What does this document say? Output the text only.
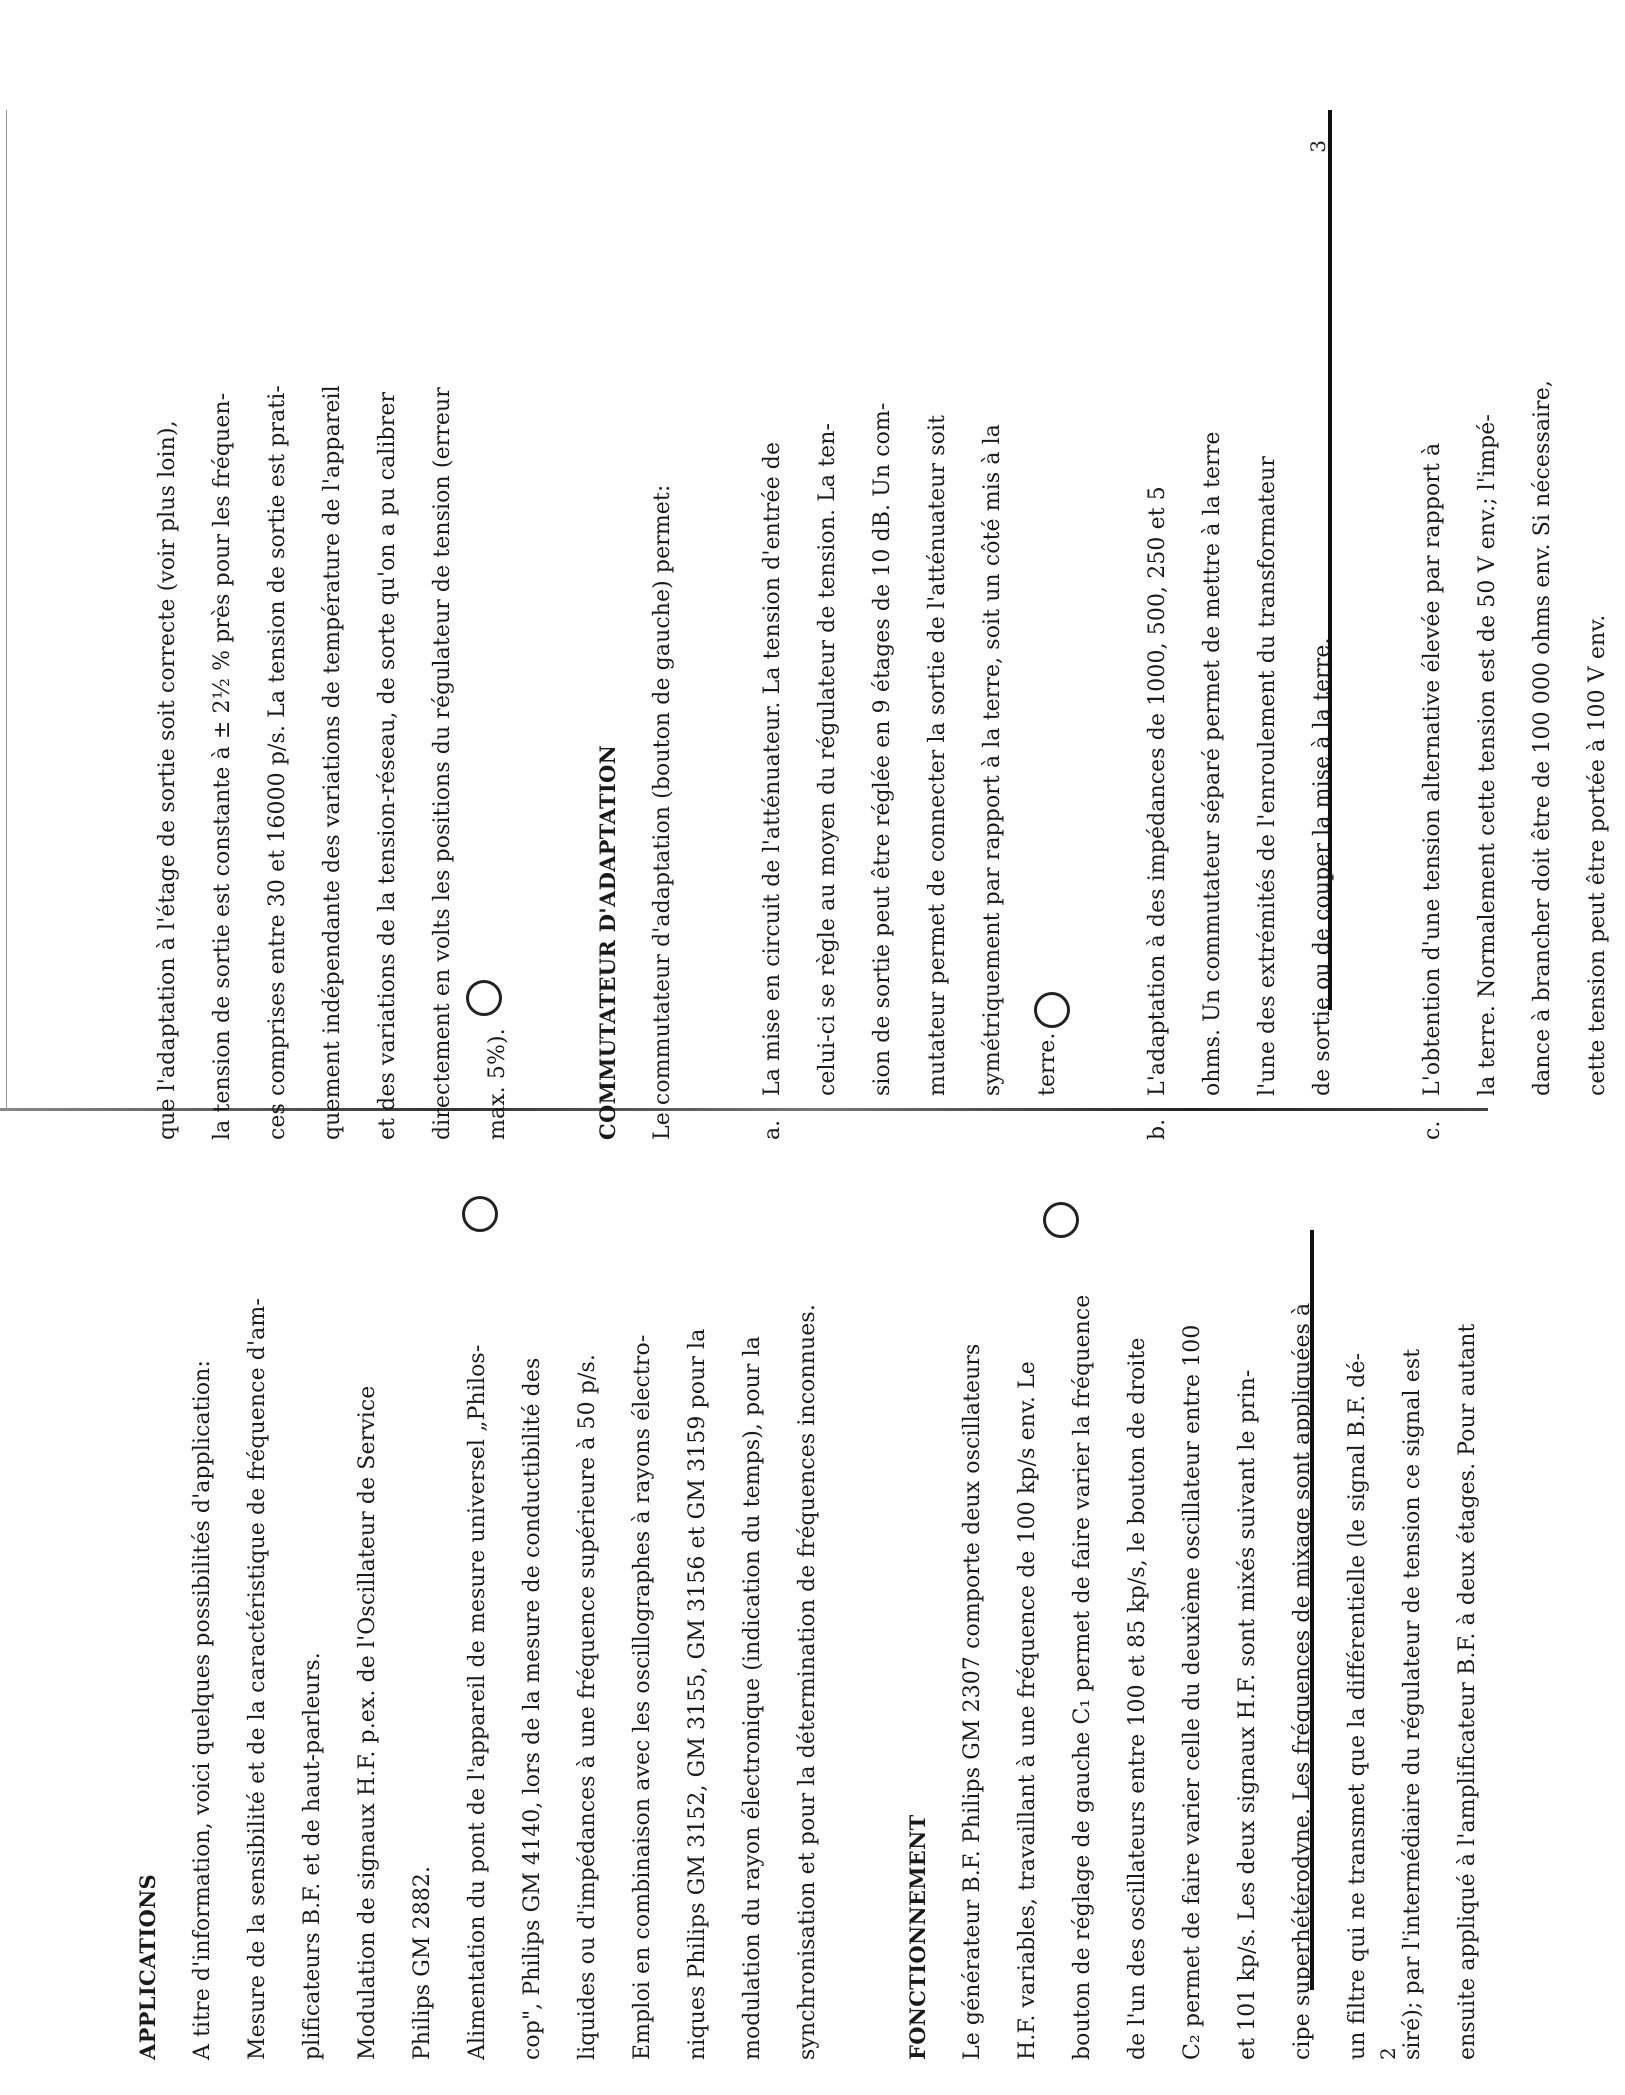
APPLICATIONS	A titre d'information, voici quelques possibilités d'application:	Mesure de la sensibilité et de la caractéristique de fréquence d'am-	plificateurs B.F. et de haut-parleurs.	Modulation de signaux H.F. p.ex. de l'Oscillateur de Service	Philips GM 2882.	Alimentation du pont de l'appareil de mesure universel „Philos-	cop", Philips GM 4140, lors de la mesure de conductibilité des	liquides ou d'impédances à une fréquence supérieure à 50 p/s.	Emploi en combinaison avec les oscillographes à rayons électro-	niques Philips GM 3152, GM 3155, GM 3156 et GM 3159 pour la	modulation du rayon électronique (indication du temps), pour la	synchronisation et pour la détermination de fréquences inconnues.	FONCTIONNEMENT	Le générateur B.F. Philips GM 2307 comporte deux oscillateurs	H.F. variables, travaillant à une fréquence de 100 kp/s env. Le	bouton de réglage de gauche C₁ permet de faire varier la fréquence	de l'un des oscillateurs entre 100 et 85 kp/s, le bouton de droite	C₂ permet de faire varier celle du deuxième oscillateur entre 100	et 101 kp/s. Les deux signaux H.F. sont mixés suivant le prin-	cipe superhétérodyne. Les fréquences de mixage sont appliquées à	un filtre qui ne transmet que la différentielle (le signal B.F. dé-	siré); par l'intermédiaire du régulateur de tension ce signal est	ensuite appliqué à l'amplificateur B.F. à deux étages. Pour autant
2
que l'adaptation à l'étage de sortie soit correcte (voir plus loin),	la tension de sortie est constante à ± 2½ % près pour les fréquen-	ces comprises entre 30 et 16000 p/s. La tension de sortie est prati-	quement indépendante des variations de température de l'appareil	et des variations de la tension-réseau, de sorte qu'on a pu calibrer	directement en volts les positions du régulateur de tension (erreur	max. 5%).	COMMUTATEUR D'ADAPTATION	Le commutateur d'adaptation (bouton de gauche) permet:	a.
La mise en circuit de l'atténuateur. La tension d'entrée de	celui-ci se règle au moyen du régulateur de tension. La ten-	sion de sortie peut être réglée en 9 étages de 10 dB. Un com-	mutateur permet de connecter la sortie de l'atténuateur soit	symétriquement par rapport à la terre, soit un côté mis à la	terre.
b.
L'adaptation à des impédances de 1000, 500, 250 et 5	ohms. Un commutateur séparé permet de mettre à la terre	l'une des extrémités de l'enroulement du transformateur	de sortie ou de couper la mise à la terre.
c.
L'obtention d'une tension alternative élevée par rapport à	la terre. Normalement cette tension est de 50 V env.; l'impé-	dance à brancher doit être de 100 000 ohms env. Si nécessaire,	cette tension peut être portée à 100 V env.
3
